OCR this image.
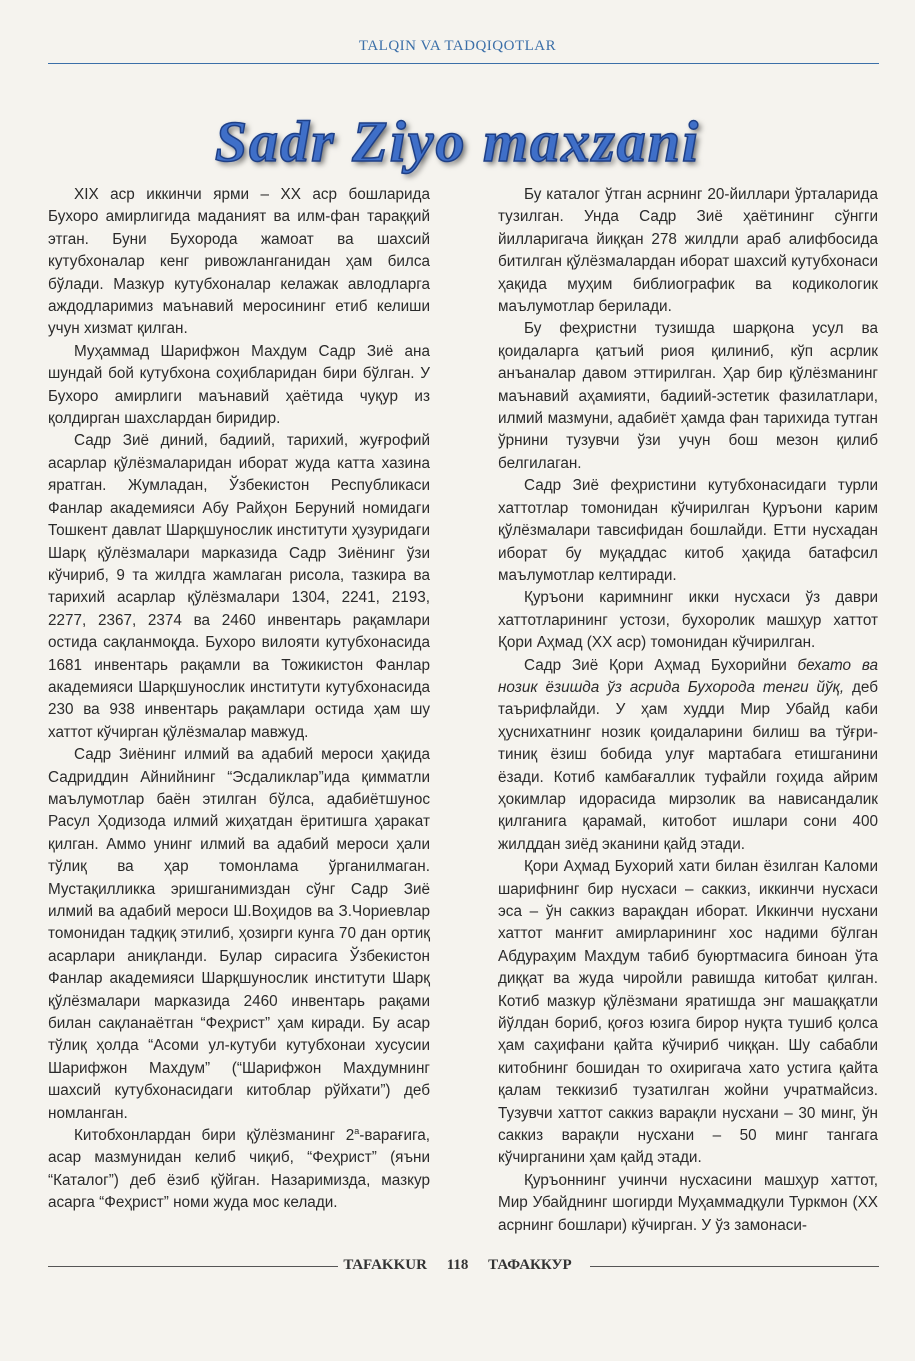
TALQIN VA TADQIQOTLAR
Sadr Ziyo maxzani

XIX аср иккинчи ярми – XX аср бошларида Бухоро амирлигида маданият ва илм-фан тараққий этган. Буни Бухорода жамоат ва шахсий кутубхоналар кенг ривожланганидан ҳам билса бўлади. Мазкур кутубхоналар келажак авлодларга аждодларимиз маънавий меросининг етиб келиши учун хизмат қилган.

Муҳаммад Шарифжон Махдум Садр Зиё ана шундай бой кутубхона соҳибларидан бири бўлган. У Бухоро амирлиги маънавий ҳаётида чуқур из қолдирган шахслардан биридир.

Садр Зиё диний, бадиий, тарихий, жуғрофий асарлар қўлёзмаларидан иборат жуда катта хазина яратган. Жумладан, Ўзбекистон Республикаси Фанлар академияси Абу Райҳон Беруний номидаги Тошкент давлат Шарқшунослик институти ҳузуридаги Шарқ қўлёзмалари марказида Садр Зиёнинг ўзи кўчириб, 9 та жилдга жамлаган рисола, тазкира ва тарихий асарлар қўлёзмалари 1304, 2241, 2193, 2277, 2367, 2374 ва 2460 инвентарь рақамлари остида сақланмоқда. Бухоро вилояти кутубхонасида 1681 инвентарь рақамли ва Тожикистон Фанлар академияси Шарқшунослик институти кутубхонасида 230 ва 938 инвентарь рақамлари остида ҳам шу хаттот кўчирган қўлёзмалар мавжуд.

Садр Зиёнинг илмий ва адабий мероси ҳақида Садриддин Айнийнинг “Эсдаликлар”ида қимматли маълумотлар баён этилган бўлса, адабиётшунос Расул Ҳодизода илмий жиҳатдан ёритишга ҳаракат қилган. Аммо унинг илмий ва адабий мероси ҳали тўлиқ ва ҳар томонлама ўрганилмаган. Мустақилликка эришганимиздан сўнг Садр Зиё илмий ва адабий мероси Ш.Воҳидов ва З.Чориевлар томонидан тадқиқ этилиб, ҳозирги кунга 70 дан ортиқ асарлари аниқланди. Булар сирасига Ўзбекистон Фанлар академияси Шарқшунослик институти Шарқ қўлёзмалари марказида 2460 инвентарь рақами билан сақланаётган “Феҳрист” ҳам киради. Бу асар тўлиқ ҳолда “Асоми ул-кутуби кутубхонаи хусусии Шарифжон Махдум” (“Шарифжон Махдумнинг шахсий кутубхонасидаги китоблар рўйхати”) деб номланган.

Китобхонлардан бири қўлёзманинг $2^а$-варағига, асар мазмунидан келиб чиқиб, “Феҳрист” (яъни “Каталог”) деб ёзиб қўйган. Назаримизда, мазкур асарга “Феҳрист” номи жуда мос келади.

Бу каталог ўтган асрнинг 20-йиллари ўрталарида тузилган. Унда Садр Зиё ҳаётининг сўнгги йилларигача йиққан 278 жилдли араб алифбосида битилган қўлёзмалардан иборат шахсий кутубхонаси ҳақида муҳим библиографик ва кодикологик маълумотлар берилади.

Бу феҳристни тузишда шарқона усул ва қоидаларга қатъий риоя қилиниб, кўп асрлик анъаналар давом эттирилган. Ҳар бир қўлёзманинг маънавий аҳамияти, бадиий-эстетик фазилатлари, илмий мазмуни, адабиёт ҳамда фан тарихида тутган ўрнини тузувчи ўзи учун бош мезон қилиб белгилаган.

Садр Зиё феҳристини кутубхонасидаги турли хаттотлар томонидан кўчирилган Қуръони карим қўлёзмалари тавсифидан бошлайди. Етти нусхадан иборат бу муқаддас китоб ҳақида батафсил маълумотлар келтиради.

Қуръони каримнинг икки нусхаси ўз даври хаттотларининг устози, бухоролик машҳур хаттот Қори Аҳмад (XX аср) томонидан кўчирилган.

Садр Зиё Қори Аҳмад Бухорийни бехато ва нозик ёзишда ўз асрида Бухорода тенги йўқ, деб таърифлайди. У ҳам худди Мир Убайд каби ҳуснихатнинг нозик қоидаларини билиш ва тўғри-тиниқ ёзиш бобида улуғ мартабага етишганини ёзади. Котиб камбағаллик туфайли гоҳида айрим ҳокимлар идорасида мирзолик ва нависандалик қилганига қарамай, китобот ишлари сони 400 жилддан зиёд эканини қайд этади.

Қори Аҳмад Бухорий хати билан ёзилган Каломи шарифнинг бир нусхаси – саккиз, иккинчи нусхаси эса – ўн саккиз варақдан иборат. Иккинчи нусхани хаттот манғит амирларининг хос надими бўлган Абдураҳим Махдум табиб буюртмасига биноан ўта диққат ва жуда чиройли равишда китобат қилган. Котиб мазкур қўлёзмани яратишда энг машаққатли йўлдан бориб, қоғоз юзига бирор нуқта тушиб қолса ҳам саҳифани қайта кўчириб чиққан. Шу сабабли китобнинг бошидан то охиригача хато устига қайта қалам теккизиб тузатилган жойни учратмайсиз. Тузувчи хаттот саккиз варақли нусхани – 30 минг, ўн саккиз варақли нусхани – 50 минг тангага кўчирганини ҳам қайд этади.

Қуръоннинг учинчи нусхасини машҳур хаттот, Мир Убайднинг шогирди Муҳаммадқули Туркмон (XX асрнинг бошлари) кўчирган. У ўз замонаси-

TAFAKKUR 118 ТАФАККУР
